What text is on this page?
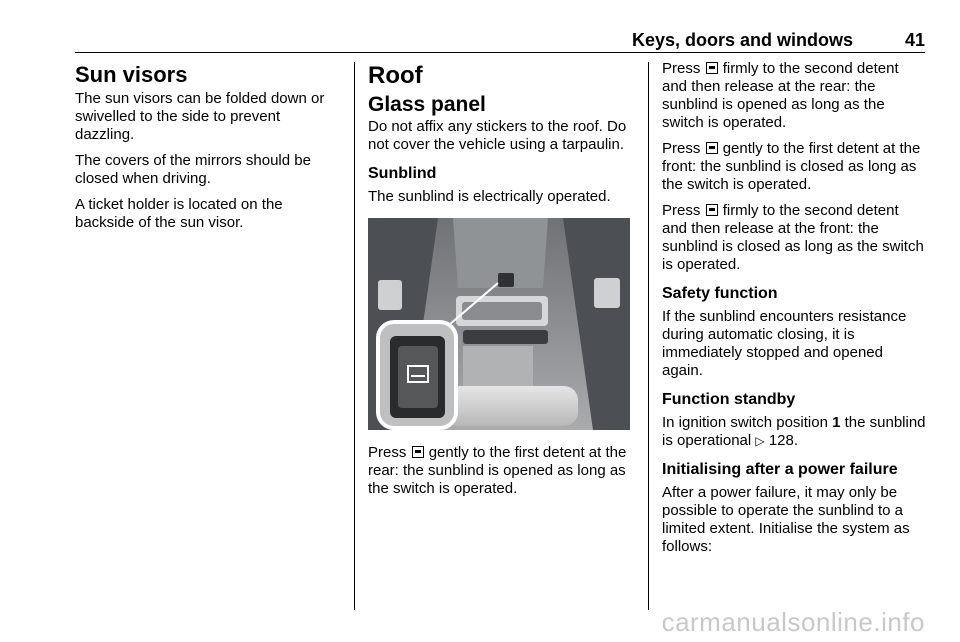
Keys, doors and windows	41
Sun visors

The sun visors can be folded down or swivelled to the side to prevent dazzling.

The covers of the mirrors should be closed when driving.

A ticket holder is located on the backside of the sun visor.

Roof
Glass panel

Do not affix any stickers to the roof. Do not cover the vehicle using a tarpaulin.

Sunblind

The sunblind is electrically operated.

Press gently to the first detent at the rear: the sunblind is opened as long as the switch is operated.

Press firmly to the second detent and then release at the rear: the sunblind is opened as long as the switch is operated.

Press gently to the first detent at the front: the sunblind is closed as long as the switch is operated.

Press firmly to the second detent and then release at the front: the sunblind is closed as long as the switch is operated.

Safety function

If the sunblind encounters resistance during automatic closing, it is immediately stopped and opened again.

Function standby

In ignition switch position 1 the sunblind is operational ▷ 128.

Initialising after a power failure

After a power failure, it may only be possible to operate the sunblind to a limited extent. Initialise the system as follows:

carmanualsonline.info
